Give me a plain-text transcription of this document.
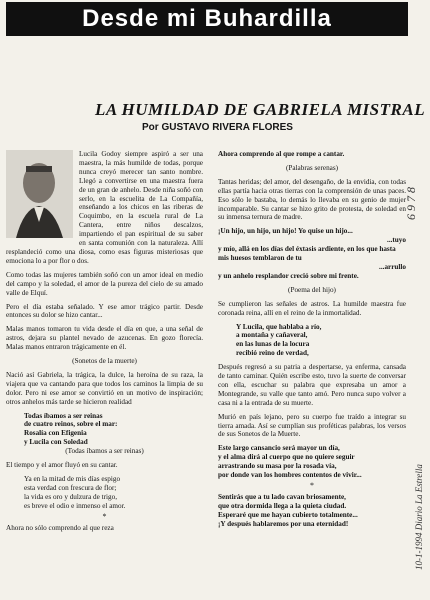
Desde mi Buhardilla
LA HUMILDAD DE GABRIELA MISTRAL
Por GUSTAVO RIVERA FLORES

Lucila Godoy siempre aspiró a ser una maestra, la más humilde de todas, porque nunca creyó merecer tan santo nombre. Llegó a convertirse en una maestra fuera de un gran de anhelo. Desde niña soñó con serlo, en la escuelita de La Compañía, enseñando a los chicos en las riberas de Coquimbo, en la escuela rural de La Cantera, entre niños descalzos, impartiendo el pan espiritual de su saber en santa comunión con la naturaleza. Allí resplandeció como una diosa, como esas figuras misteriosas que emociona lo a por flor o dos.

Como todas las mujeres también soñó con un amor ideal en medio del campo y la soledad, el amor de la pureza del cielo de su amado valle de Elquí.

Pero el día estaba señalado. Y ese amor trágico partir. Desde entonces su dolor se hizo cantar...

Malas manos tomaron tu vida desde el día en que, a una señal de astros, dejara su plantel nevado de azucenas. En gozo florecía. Malas manos entraron trágicamente en él.

(Sonetos de la muerte)

Nació así Gabriela, la trágica, la dulce, la heroína de su raza, la viajera que va cantando para que todos los caminos la limpia de su dolor. Pero ni ese amor se convirtió en un motivo de inspiración; otros anhelos más tarde se hicieron realidad

Todas íbamos a ser reinas
de cuatro reinos, sobre el mar:
Rosalía con Efigenia
y Lucila con Soledad

(Todas íbamos a ser reinas)

El tiempo y el amor fluyó en su cantar.

Ya en la mitad de mis días espigo
esta verdad con frescura de flor;
la vida es oro y dulzura de trigo,
es breve el odio e inmenso el amor.
*
Ahora no sólo comprendo al que reza

Ahora comprendo al que rompe a cantar.

(Palabras serenas)

Tantas heridas; del amor, del desengaño, de la envidia, con todas ellas partía hacia otras tierras con la comprensión de unas paces. Eso sólo le bastaba, lo demás lo llevaba en su genio de mujer incomparable. Su cantar se hizo grito de protesta, de soledad en su inmensa ternura de madre.

¡Un hijo, un hijo, un hijo! Yo quise un hijo...
...tuyo
y mío, allá en los días del éxtasis ardiente, en los que hasta mis huesos temblaron de tu
...arrullo

y un anhelo resplandor creció sobre mi frente.

(Poema del hijo)

Se cumplieron las señales de astros. La humilde maestra fue coronada reina, allí en el reino de la inmortalidad.

Y Lucila, que hablaba a río,
a montaña y cañaveral,
en las lunas de la locura

recibió reino de verdad,

Después regresó a su patria a despertarse, ya enferma, cansada de tanto caminar. Quién escribe esto, tuvo la suerte de conversar con ella, escuchar su palabra que expresaba un amor a Montegrande, su valle que tanto amó. Pero nunca supo volver a casa ni a la entrada de su muerte.

Murió en país lejano, pero su cuerpo fue traído a integrar su tierra amada. Así se cumplían sus proféticas palabras, los versos de sus Sonetos de la Muerte.

Este largo cansancio será mayor un día,
y el alma dirá al cuerpo que no quiere seguir
arrastrando su masa por la rosada vía,
por donde van los hombres contentos de vivir...
*
Sentirás que a tu lado cavan briosamente,
que otra dormida llega a la quieta ciudad.
Esperaré que me hayan cubierto totalmente...
¡Y después hablaremos por una eternidad!
6 9 7 8
10-1-1994 Diario La Estrella
